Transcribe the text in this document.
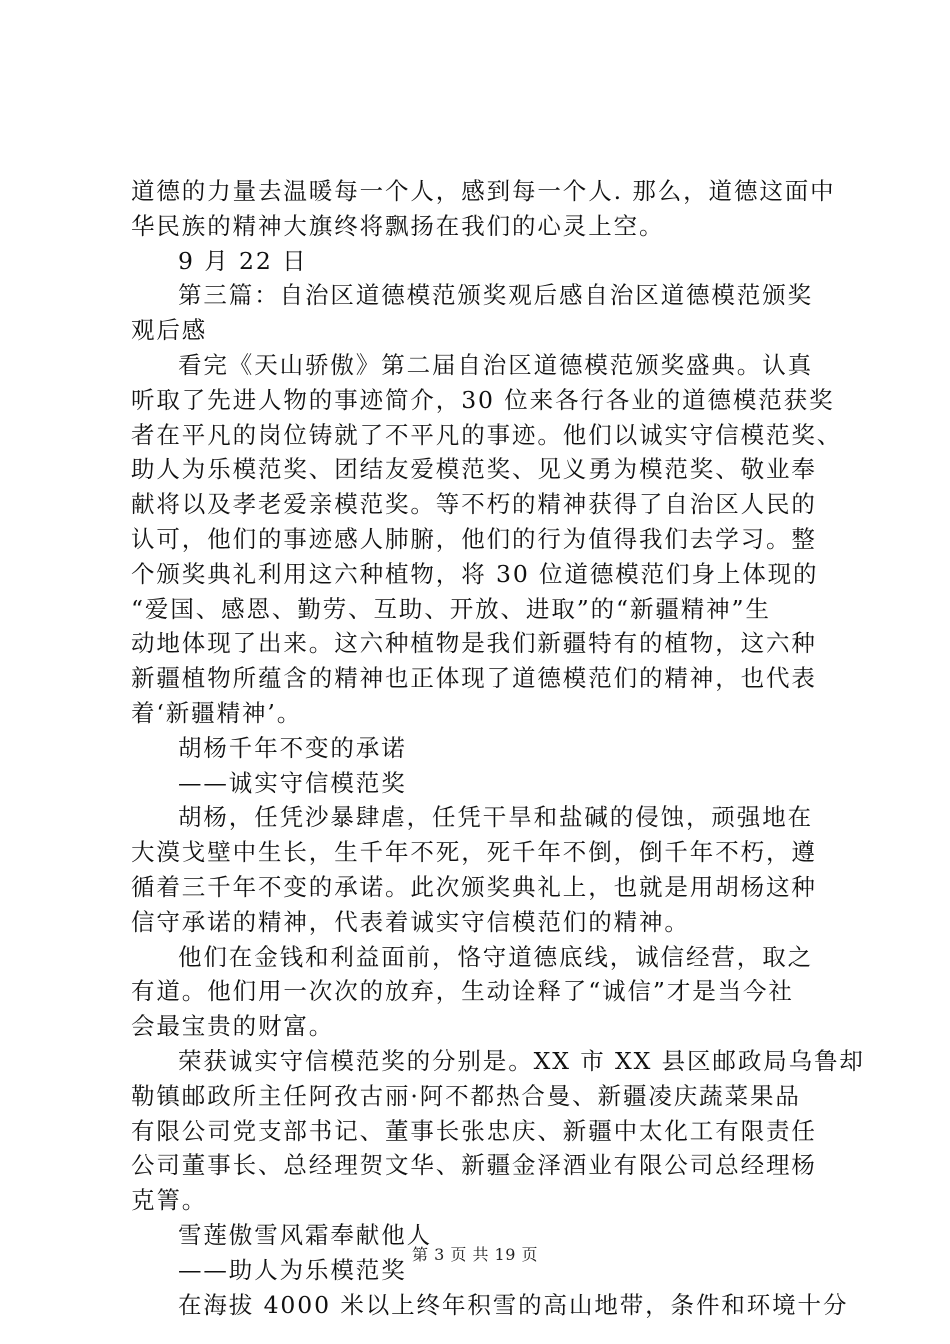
道德的力量去温暖每一个人，感到每一个人. 那么，道德这面中
华民族的精神大旗终将飘扬在我们的心灵上空。
9 月 22 日
第三篇：自治区道德模范颁奖观后感自治区道德模范颁奖
观后感
看完《天山骄傲》第二届自治区道德模范颁奖盛典。认真
听取了先进人物的事迹简介，30 位来各行各业的道德模范获奖
者在平凡的岗位铸就了不平凡的事迹。他们以诚实守信模范奖、
助人为乐模范奖、团结友爱模范奖、见义勇为模范奖、敬业奉
献将以及孝老爱亲模范奖。等不朽的精神获得了自治区人民的
认可，他们的事迹感人肺腑，他们的行为值得我们去学习。整
个颁奖典礼利用这六种植物，将 30 位道德模范们身上体现的
“爱国、感恩、勤劳、互助、开放、进取”的“新疆精神”生
动地体现了出来。这六种植物是我们新疆特有的植物，这六种
新疆植物所蕴含的精神也正体现了道德模范们的精神，也代表
着‘新疆精神’。
胡杨千年不变的承诺
——诚实守信模范奖
胡杨，任凭沙暴肆虐，任凭干旱和盐碱的侵蚀，顽强地在
大漠戈壁中生长，生千年不死，死千年不倒，倒千年不朽，遵
循着三千年不变的承诺。此次颁奖典礼上，也就是用胡杨这种
信守承诺的精神，代表着诚实守信模范们的精神。
他们在金钱和利益面前，恪守道德底线，诚信经营，取之
有道。他们用一次次的放弃，生动诠释了“诚信”才是当今社
会最宝贵的财富。
荣获诚实守信模范奖的分别是。XX 市 XX 县区邮政局乌鲁却
勒镇邮政所主任阿孜古丽·阿不都热合曼、新疆凌庆蔬菜果品
有限公司党支部书记、董事长张忠庆、新疆中太化工有限责任
公司董事长、总经理贺文华、新疆金泽酒业有限公司总经理杨
克箐。
雪莲傲雪风霜奉献他人
——助人为乐模范奖
在海拔 4000 米以上终年积雪的高山地带，条件和环境十分
第 3 页 共 19 页
